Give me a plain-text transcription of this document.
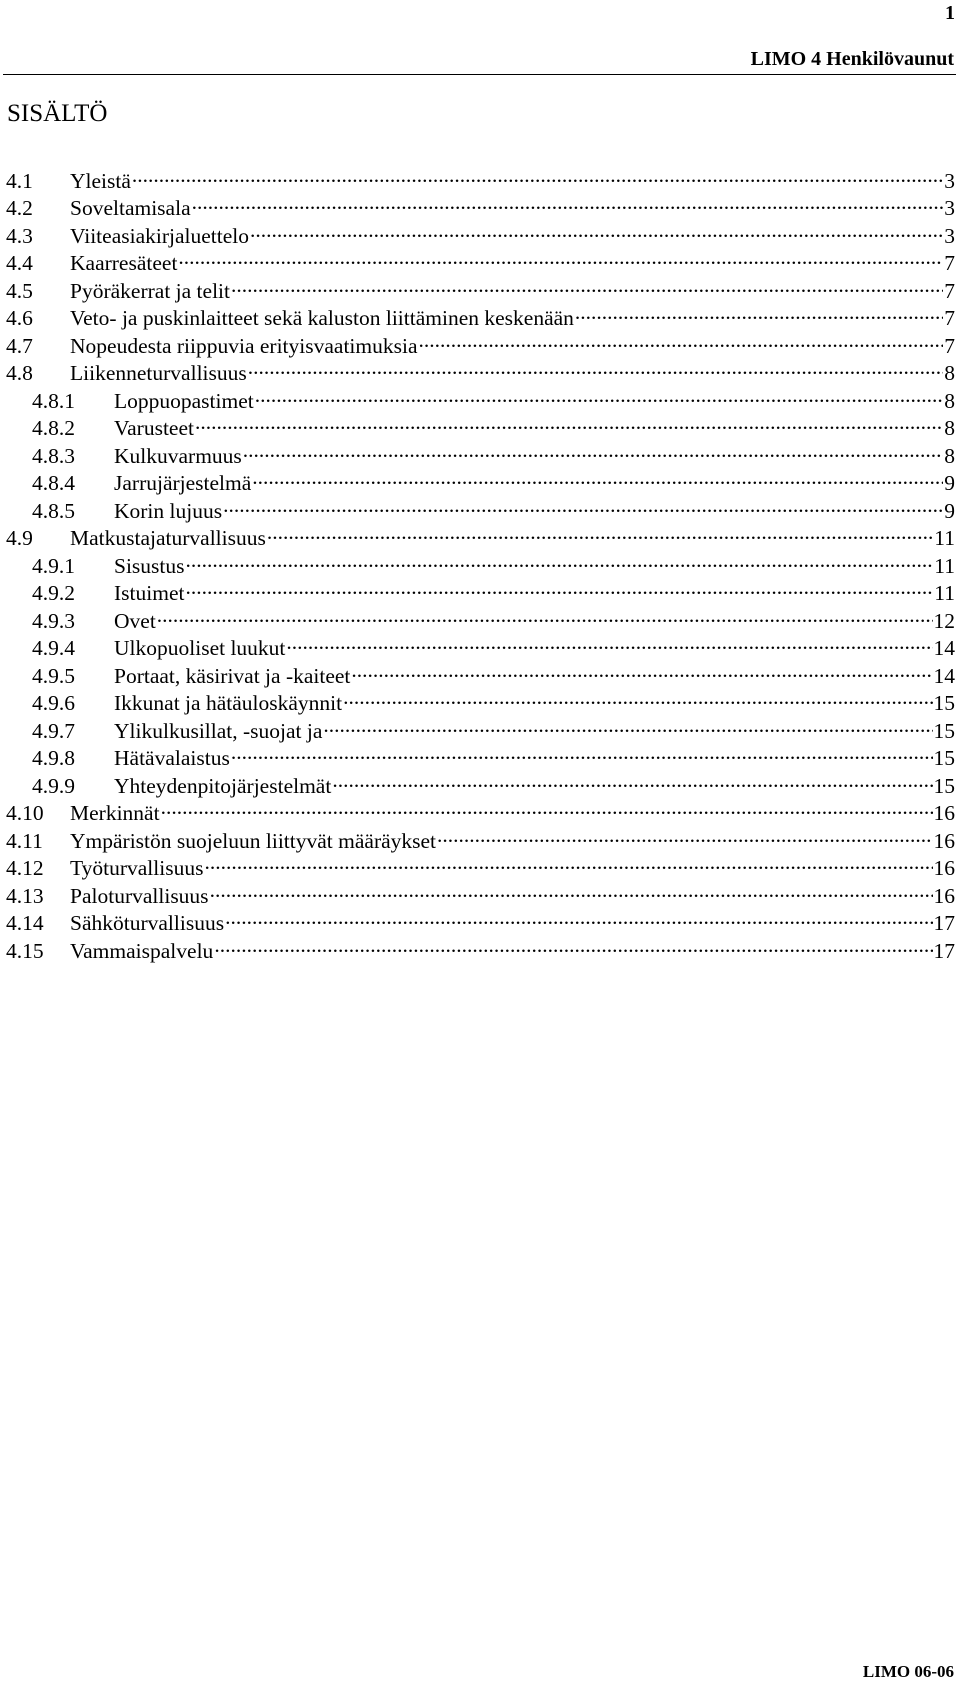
1
LIMO 4 Henkilövaunut
SISÄLTÖ
4.1	Yleistä .....	3
4.2	Soveltamisala .....	3
4.3	Viiteasiakirjaluettelo .....	3
4.4	Kaarresäteet .....	7
4.5	Pyöräkerrat ja telit .....	7
4.6	Veto- ja puskinlaitteet sekä kaluston liittäminen keskenään .....	7
4.7	Nopeudesta riippuvia erityisvaatimuksia .....	7
4.8	Liikenneturvallisuus .....	8
4.8.1	Loppuopastimet .....	8
4.8.2	Varusteet .....	8
4.8.3	Kulkuvarmuus .....	8
4.8.4	Jarrujärjestelmä .....	9
4.8.5	Korin lujuus .....	9
4.9	Matkustajaturvallisuus .....	11
4.9.1	Sisustus .....	11
4.9.2	Istuimet .....	11
4.9.3	Ovet .....	12
4.9.4	Ulkopuoliset luukut .....	14
4.9.5	Portaat, käsirivat ja -kaiteet .....	14
4.9.6	Ikkunat ja hätäuloskäynnit .....	15
4.9.7	Ylikulkusillat, -suojat ja .....	15
4.9.8	Hätävalaistus .....	15
4.9.9	Yhteydenpitojärjestelmät .....	15
4.10	Merkinnät .....	16
4.11	Ympäristön suojeluun liittyvät määräykset .....	16
4.12	Työturvallisuus .....	16
4.13	Paloturvallisuus .....	16
4.14	Sähköturvallisuus .....	17
4.15	Vammaispalvelu .....	17
LIMO 06-06
